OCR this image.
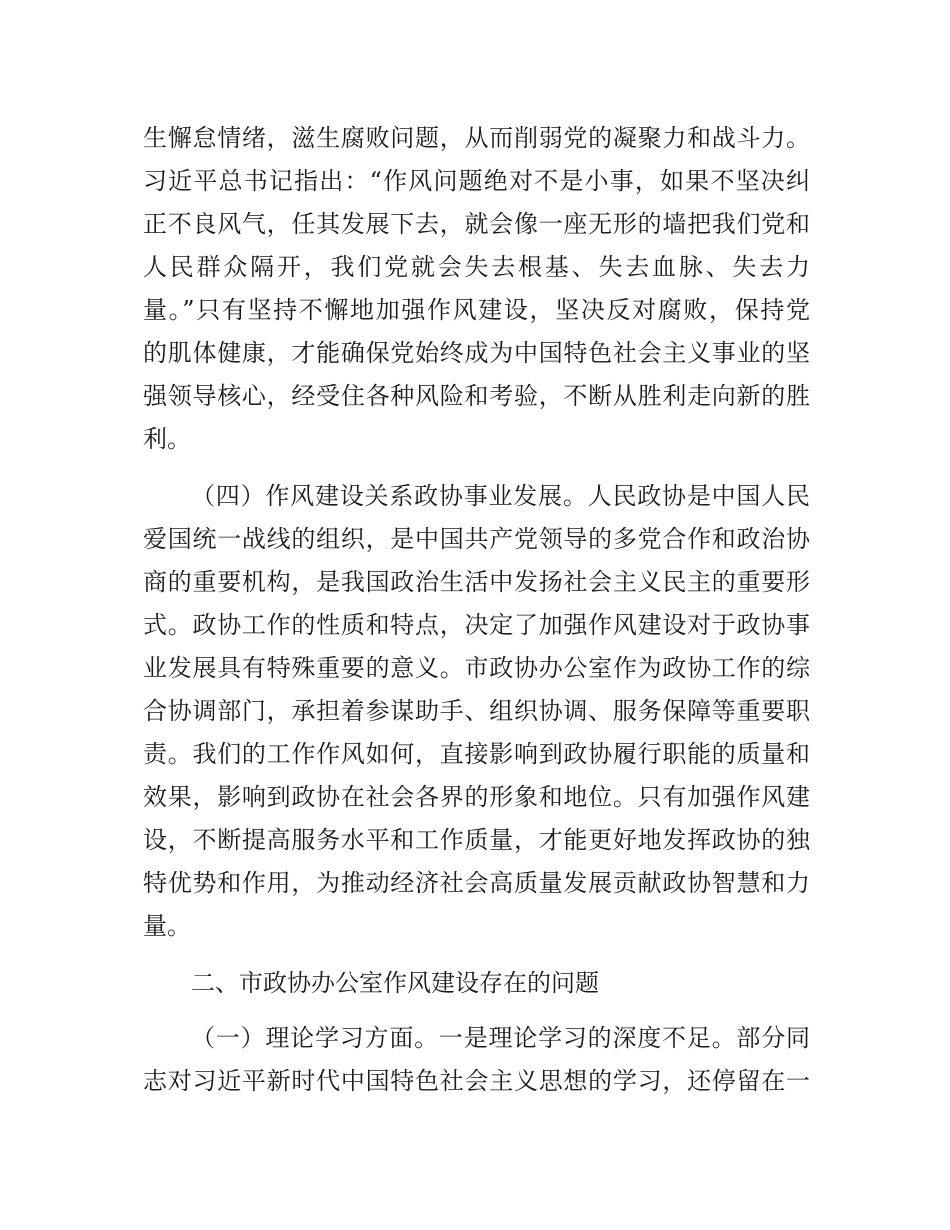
生懈怠情绪，滋生腐败问题，从而削弱党的凝聚力和战斗力。
习近平总书记指出：“作风问题绝对不是小事，如果不坚决纠
正不良风气，任其发展下去，就会像一座无形的墙把我们党和
人民群众隔开，我们党就会失去根基、失去血脉、失去力
量。”只有坚持不懈地加强作风建设，坚决反对腐败，保持党
的肌体健康，才能确保党始终成为中国特色社会主义事业的坚
强领导核心，经受住各种风险和考验，不断从胜利走向新的胜
利。
（四）作风建设关系政协事业发展。人民政协是中国人民
爱国统一战线的组织，是中国共产党领导的多党合作和政治协
商的重要机构，是我国政治生活中发扬社会主义民主的重要形
式。政协工作的性质和特点，决定了加强作风建设对于政协事
业发展具有特殊重要的意义。市政协办公室作为政协工作的综
合协调部门，承担着参谋助手、组织协调、服务保障等重要职
责。我们的工作作风如何，直接影响到政协履行职能的质量和
效果，影响到政协在社会各界的形象和地位。只有加强作风建
设，不断提高服务水平和工作质量，才能更好地发挥政协的独
特优势和作用，为推动经济社会高质量发展贡献政协智慧和力
量。
二、市政协办公室作风建设存在的问题
（一）理论学习方面。一是理论学习的深度不足。部分同
志对习近平新时代中国特色社会主义思想的学习，还停留在一
